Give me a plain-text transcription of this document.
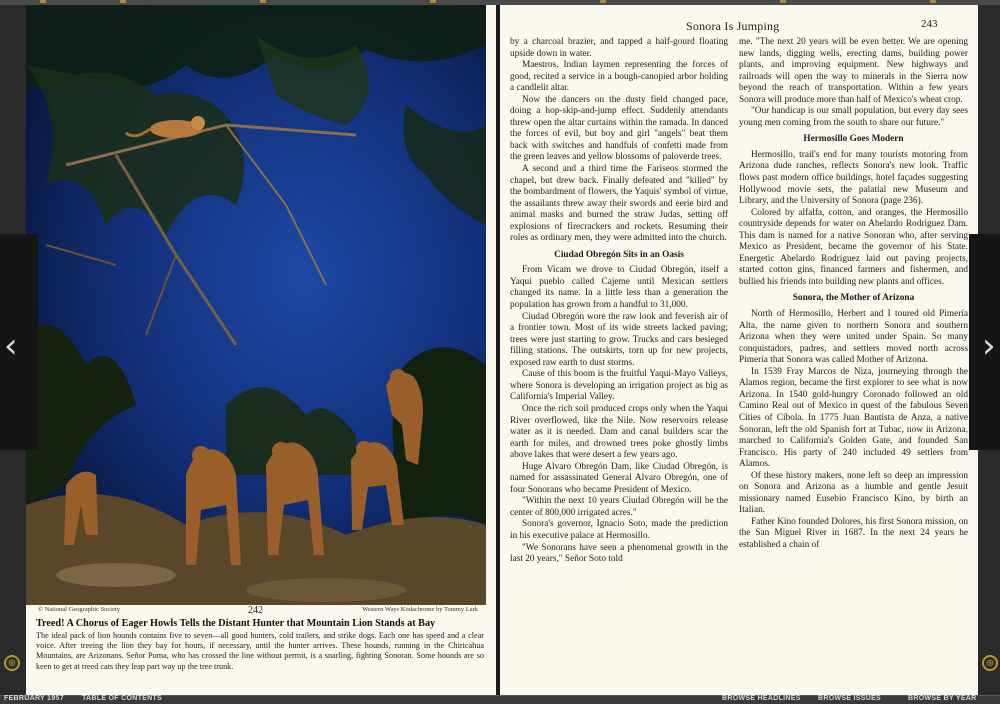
© National Geographic Society	242	Western Ways Kodachrome by Tommy Lark
Treed! A Chorus of Eager Howls Tells the Distant Hunter that Mountain Lion Stands at Bay
The ideal pack of lion hounds contains five to seven—all good hunters, cold trailers, and strike dogs. Each one has speed and a clear voice. After treeing the lion they bay for hours, if necessary, until the hunter arrives. These hounds, running in the Chiricahua Mountains, are Arizonans. Señor Puma, who has crossed the line without permit, is a snarling, fighting Sonoran. Some hounds are so keen to get at treed cats they leap part way up the tree trunk.
Sonora Is Jumping	243

by a charcoal brazier, and tapped a half-gourd floating upside down in water.

Maestros, Indian laymen representing the forces of good, recited a service in a bough-canopied arbor holding a candlelit altar.

Now the dancers on the dusty field changed pace, doing a hop-skip-and-jump effect. Suddenly attendants threw open the altar curtains within the ramada. In danced the forces of evil, but boy and girl "angels" beat them back with switches and handfuls of confetti made from the green leaves and yellow blossoms of paloverde trees.

A second and a third time the Fariseos stormed the chapel, but drew back. Finally defeated and "killed" by the bombardment of flowers, the Yaquis' symbol of virtue, the assailants threw away their swords and eerie bird and animal masks and burned the straw Judas, setting off explosions of firecrackers and rockets. Resuming their roles as ordinary men, they were admitted into the church.

Ciudad Obregón Sits in an Oasis

From Vicam we drove to Ciudad Obregón, itself a Yaqui pueblo called Cajeme until Mexican settlers changed its name. In a little less than a generation the population has grown from a handful to 31,000.

Ciudad Obregón wore the raw look and feverish air of a frontier town. Most of its wide streets lacked paving; trees were just starting to grow. Trucks and cars besieged filling stations. The outskirts, torn up for new projects, exposed raw earth to dust storms.

Cause of this boom is the fruitful Yaqui-Mayo Valleys, where Sonora is developing an irrigation project as big as California's Imperial Valley.

Once the rich soil produced crops only when the Yaqui River overflowed, like the Nile. Now reservoirs release water as it is needed. Dam and canal builders scar the earth for miles, and drowned trees poke ghostly limbs above lakes that were desert a few years ago.

Huge Alvaro Obregón Dam, like Ciudad Obregón, is named for assassinated General Alvaro Obregón, one of four Sonorans who became President of Mexico.

"Within the next 10 years Ciudad Obregón will be the center of 800,000 irrigated acres."

Sonora's governor, Ignacio Soto, made the prediction in his executive palace at Hermosillo.

"We Sonorans have seen a phenomenal growth in the last 20 years," Señor Soto told

me. "The next 20 years will be even better. We are opening new lands, digging wells, erecting dams, building power plants, and improving equipment. New highways and railroads will open the way to minerals in the Sierra now beyond the reach of transportation. Within a few years Sonora will produce more than half of Mexico's wheat crop.

"Our handicap is our small population, but every day sees young men coming from the south to share our future."

Hermosillo Goes Modern

Hermosillo, trail's end for many tourists motoring from Arizona dude ranches, reflects Sonora's new look. Traffic flows past modern office buildings, hotel façades suggesting Hollywood movie sets, the palatial new Museum and Library, and the University of Sonora (page 236).

Colored by alfalfa, cotton, and oranges, the Hermosillo countryside depends for water on Abelardo Rodríguez Dam. This dam is named for a native Sonoran who, after serving Mexico as President, became the governor of his State. Energetic Abelardo Rodríguez laid out paving projects, started cotton gins, financed farmers and fishermen, and bullied his friends into building new plants and offices.

Sonora, the Mother of Arizona

North of Hermosillo, Herbert and I toured old Pimería Alta, the name given to northern Sonora and southern Arizona when they were united under Spain. So many conquistadors, padres, and settlers moved north across Pimería that Sonora was called Mother of Arizona.

In 1539 Fray Marcos de Niza, journeying through the Alamos region, became the first explorer to see what is now Arizona. In 1540 gold-hungry Coronado followed an old Camino Real out of Mexico in quest of the fabulous Seven Cities of Cíbola. In 1775 Juan Bautista de Anza, a native Sonoran, left the old Spanish fort at Tubac, now in Arizona, marched to California's Golden Gate, and founded San Francisco. His party of 240 included 49 settlers from Alamos.

Of these history makers, none left so deep an impression on Sonora and Arizona as a humble and gentle Jesuit missionary named Eusebio Francisco Kino, by birth an Italian.

Father Kino founded Dolores, his first Sonora mission, on the San Miguel River in 1687. In the next 24 years he established a chain of

‹	›
⊕	⊕
FEBRUARY 1957	TABLE OF CONTENTS	BROWSE HEADLINES BROWSE ISSUES	BROWSE BY YEAR
